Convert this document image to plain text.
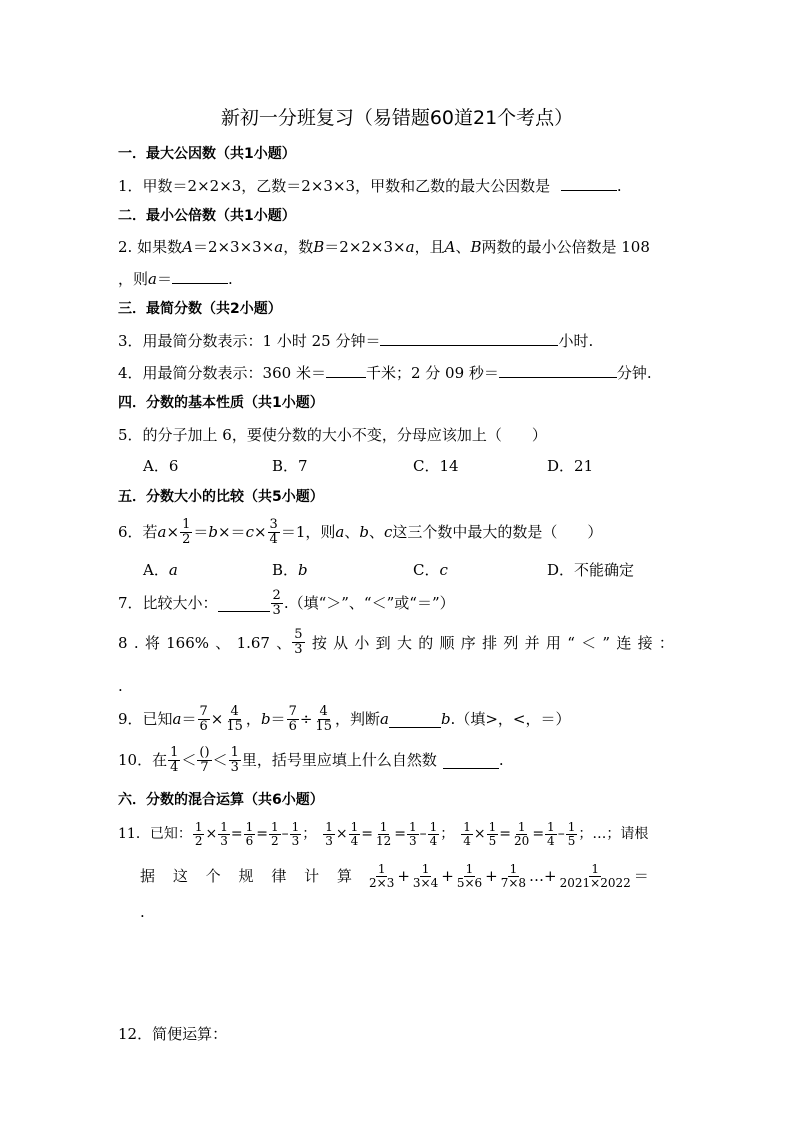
新初一分班复习（易错题60道21个考点）
一．最大公因数（共1小题）
1．甲数＝2×2×3，乙数＝2×3×3，甲数和乙数的最大公因数是	.
二．最小公倍数（共1小题）
2. 如果数A＝2×3×3×a，数B＝2×2×3×a，且A、B两数的最小公倍数是 108
，则a＝	.
三．最简分数（共2小题）
3．用最简分数表示：1 小时 25 分钟＝	小时.
4．用最简分数表示：360 米＝	千米；2 分 09 秒＝	分钟.
四．分数的基本性质（共1小题）
5．的分子加上 6，要使分数的大小不变，分母应该加上（　　）
A．6	B．7	C．14	D．21
五．分数大小的比较（共5小题）
6．若 $a \times \frac{1}{2} = b \times= c \times \frac{3}{4} =1$，则 a 、 b 、 c 这三个数中最大的数是（　　）
A．a	B．b	C．c	D．不能确定
7．比较大小：	$\frac{2}{3}$ .（填“＞”、“＜”或“＝”）
8 . 将 166% 、 1.67 、 $\frac{5}{3}$ 按 从 小 到 大 的 顺 序 排 列 并 用 “ ＜ ” 连 接 ：
.
9．已知 $a = \frac{7}{6} \times \frac{4}{15}$ ， $b = \frac{7}{6} \div \frac{4}{15}$ ，判断 a	b .（填>，<，＝）
10．在 $\frac{1}{4} < \frac{()}{7} < \frac{1}{3}$ 里，括号里应填上什么自然数	.
六．分数的混合运算（共6小题）
11．已知： $\frac{1}{2} \times \frac{1}{3} = \frac{1}{6} = \frac{1}{2} - \frac{1}{3}$ ； $\frac{1}{3} \times \frac{1}{4} = \frac{1}{12} = \frac{1}{3} - \frac{1}{4}$ ； $\frac{1}{4} \times \frac{1}{5} = \frac{1}{20} = \frac{1}{4} - \frac{1}{5}$ ； …；请根
据 这 个 规 律 计 算 $\frac{1}{2\times 3} + \frac{1}{3\times 4} + \frac{1}{5\times 6} + \frac{1}{7\times 8}$ … + $\frac{1}{2021\times 2022}$ ＝
.
12．简便运算：
